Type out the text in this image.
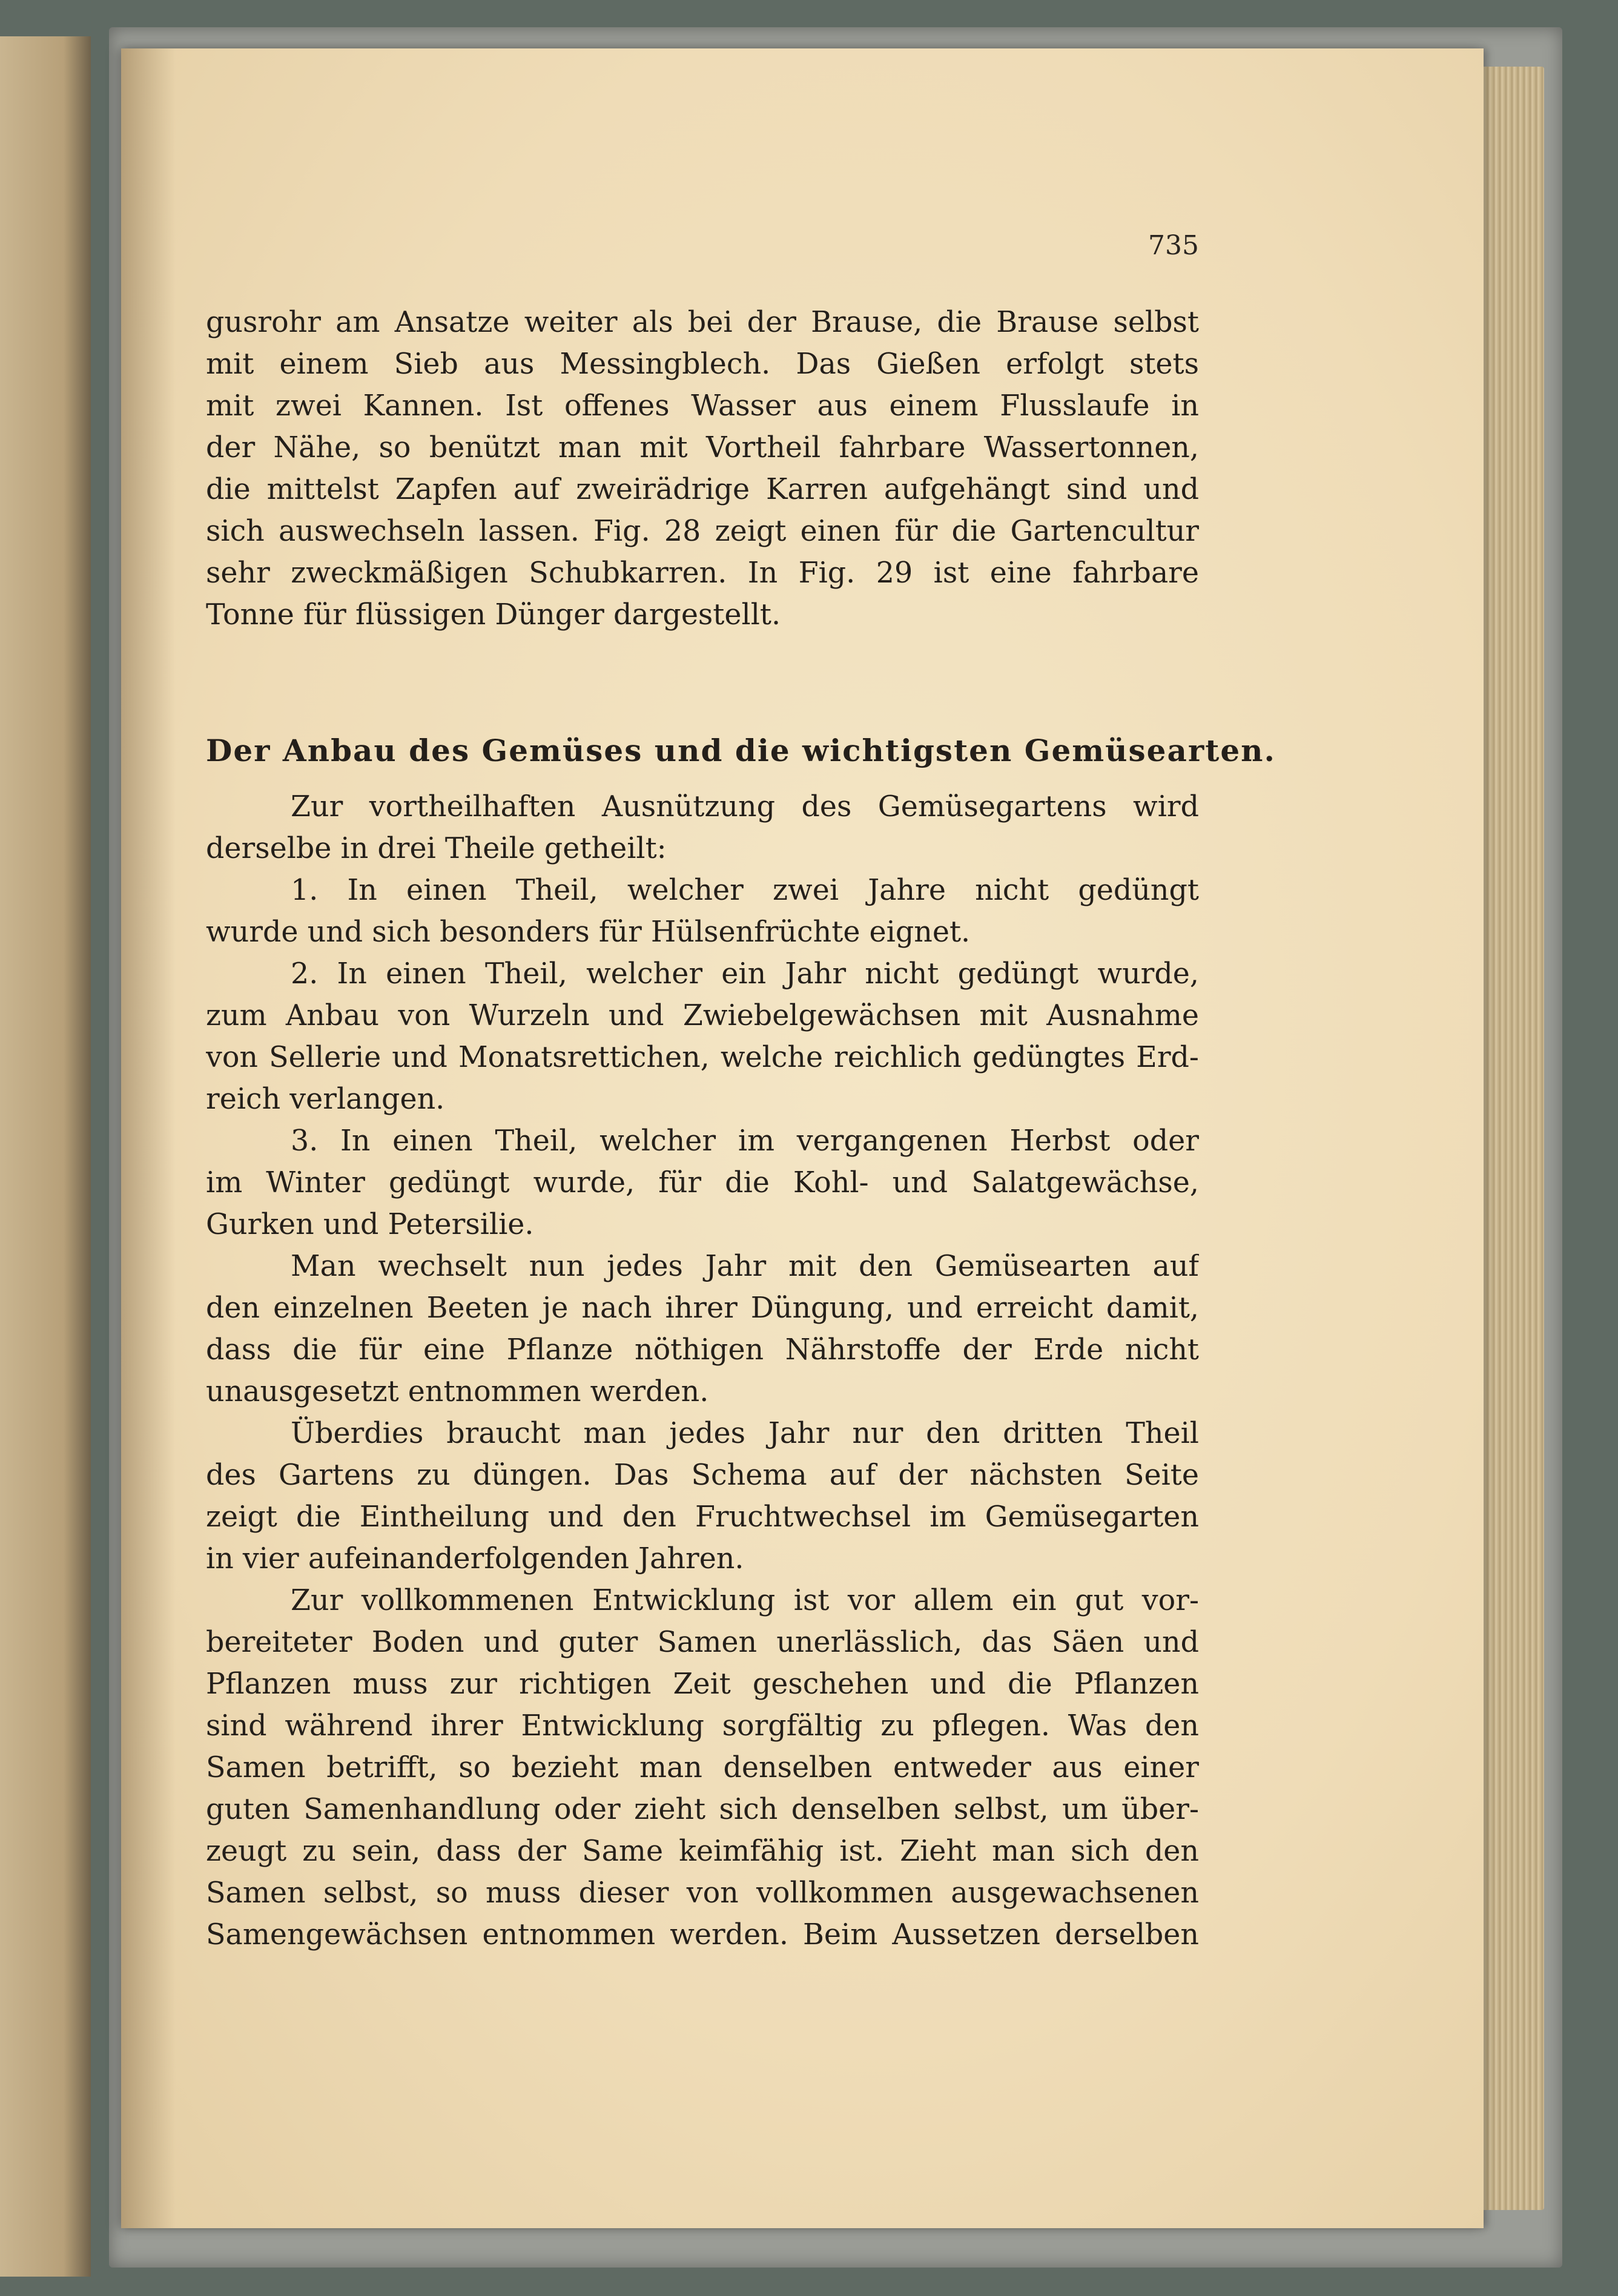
735
gusrohr am Ansatze weiter als bei der Brause, die Brause selbst
mit einem Sieb aus Messingblech. Das Gießen erfolgt stets
mit zwei Kannen. Ist offenes Wasser aus einem Flusslaufe in
der Nähe, so benützt man mit Vortheil fahrbare Wassertonnen,
die mittelst Zapfen auf zweirädrige Karren aufgehängt sind und
sich auswechseln lassen. Fig. 28 zeigt einen für die Gartencultur
sehr zweckmäßigen Schubkarren. In Fig. 29 ist eine fahrbare
Tonne für flüssigen Dünger dargestellt.
Der Anbau des Gemüses und die wichtigsten Gemüsearten.
Zur vortheilhaften Ausnützung des Gemüsegartens wird
derselbe in drei Theile getheilt:
1. In einen Theil, welcher zwei Jahre nicht gedüngt
wurde und sich besonders für Hülsenfrüchte eignet.
2. In einen Theil, welcher ein Jahr nicht gedüngt wurde,
zum Anbau von Wurzeln und Zwiebelgewächsen mit Ausnahme
von Sellerie und Monatsrettichen, welche reichlich gedüngtes Erd-
reich verlangen.
3. In einen Theil, welcher im vergangenen Herbst oder
im Winter gedüngt wurde, für die Kohl- und Salatgewächse,
Gurken und Petersilie.
Man wechselt nun jedes Jahr mit den Gemüsearten auf
den einzelnen Beeten je nach ihrer Düngung, und erreicht damit,
dass die für eine Pflanze nöthigen Nährstoffe der Erde nicht
unausgesetzt entnommen werden.
Überdies braucht man jedes Jahr nur den dritten Theil
des Gartens zu düngen. Das Schema auf der nächsten Seite
zeigt die Eintheilung und den Fruchtwechsel im Gemüsegarten
in vier aufeinanderfolgenden Jahren.
Zur vollkommenen Entwicklung ist vor allem ein gut vor-
bereiteter Boden und guter Samen unerlässlich, das Säen und
Pflanzen muss zur richtigen Zeit geschehen und die Pflanzen
sind während ihrer Entwicklung sorgfältig zu pflegen. Was den
Samen betrifft, so bezieht man denselben entweder aus einer
guten Samenhandlung oder zieht sich denselben selbst, um über-
zeugt zu sein, dass der Same keimfähig ist. Zieht man sich den
Samen selbst, so muss dieser von vollkommen ausgewachsenen
Samengewächsen entnommen werden. Beim Aussetzen derselben
